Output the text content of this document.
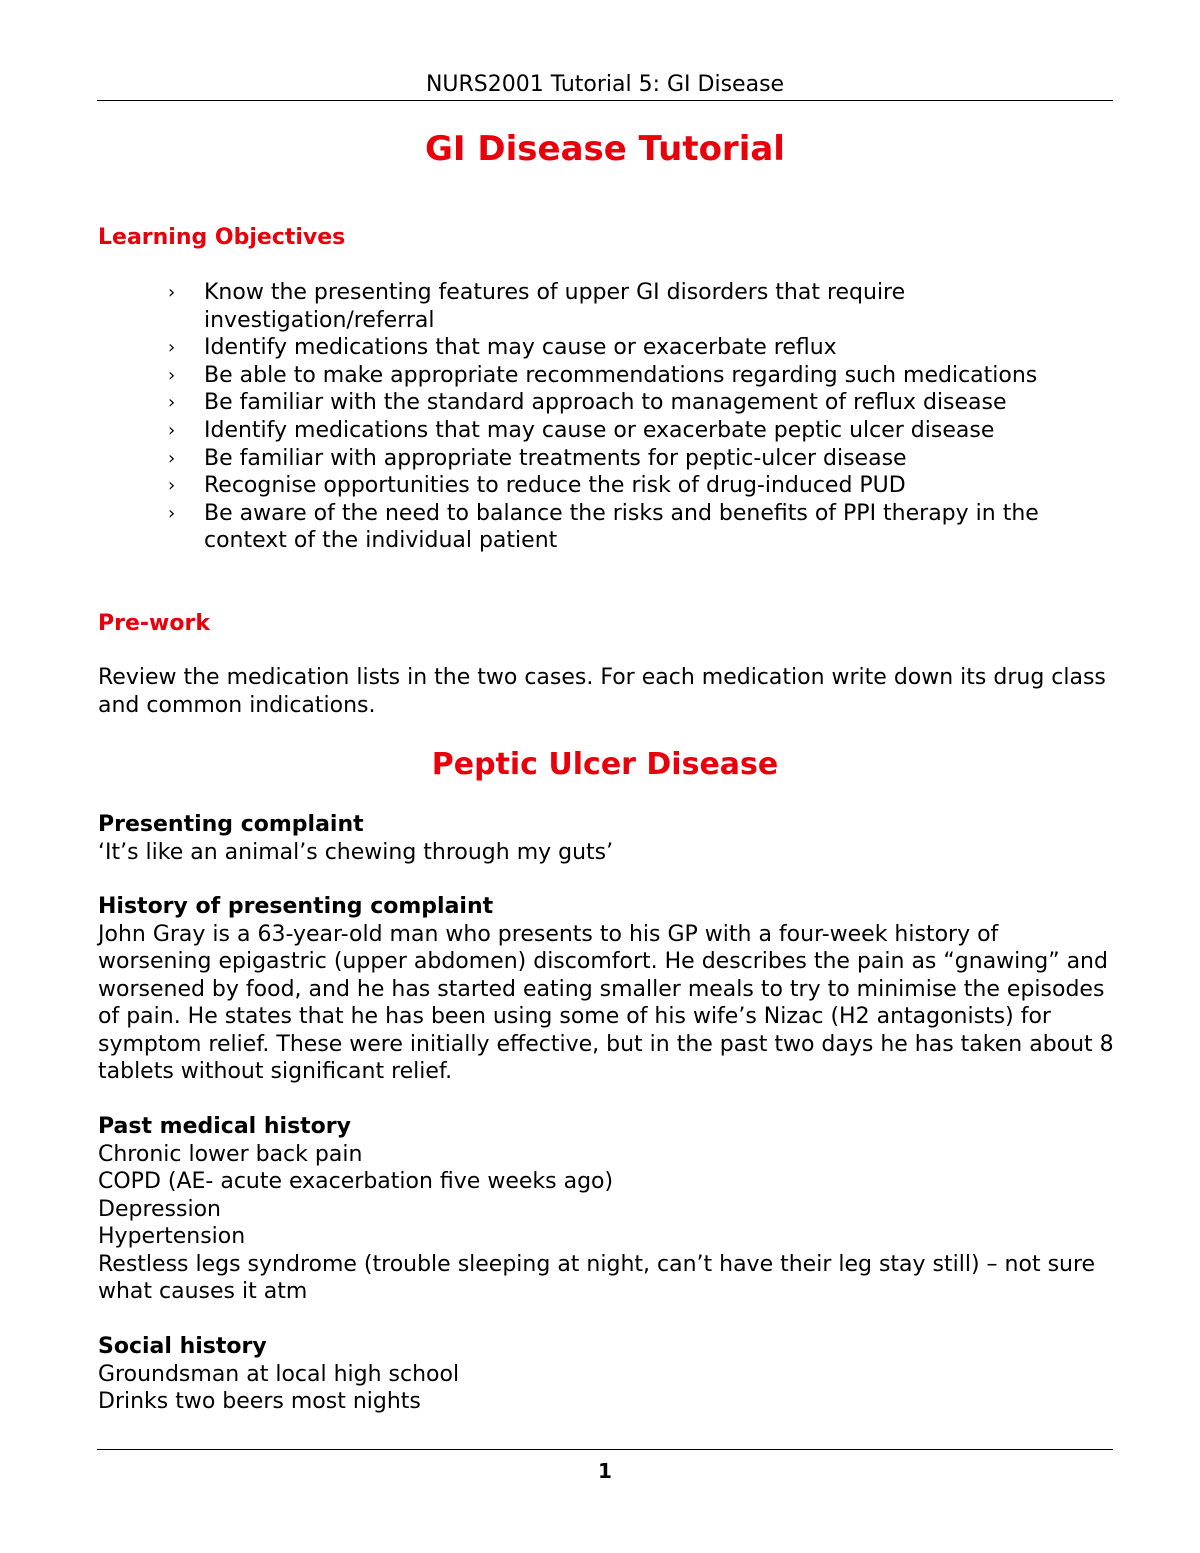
NURS2001 Tutorial 5: GI Disease
GI Disease Tutorial
Learning Objectives
› Know the presenting features of upper GI disorders that require investigation/referral
› Identify medications that may cause or exacerbate reflux
› Be able to make appropriate recommendations regarding such medications
› Be familiar with the standard approach to management of reflux disease
› Identify medications that may cause or exacerbate peptic ulcer disease
› Be familiar with appropriate treatments for peptic-ulcer disease
› Recognise opportunities to reduce the risk of drug-induced PUD
› Be aware of the need to balance the risks and benefits of PPI therapy in the context of the individual patient
Pre-work
Review the medication lists in the two cases. For each medication write down its drug class and common indications.
Peptic Ulcer Disease
Presenting complaint
‘It’s like an animal’s chewing through my guts’
History of presenting complaint
John Gray is a 63-year-old man who presents to his GP with a four-week history of worsening epigastric (upper abdomen) discomfort. He describes the pain as “gnawing” and worsened by food, and he has started eating smaller meals to try to minimise the episodes of pain. He states that he has been using some of his wife’s Nizac (H2 antagonists) for symptom relief. These were initially effective, but in the past two days he has taken about 8 tablets without significant relief.
Past medical history
Chronic lower back pain
COPD (AE- acute exacerbation five weeks ago)
Depression
Hypertension
Restless legs syndrome (trouble sleeping at night, can’t have their leg stay still) – not sure what causes it atm
Social history
Groundsman at local high school
Drinks two beers most nights
1
